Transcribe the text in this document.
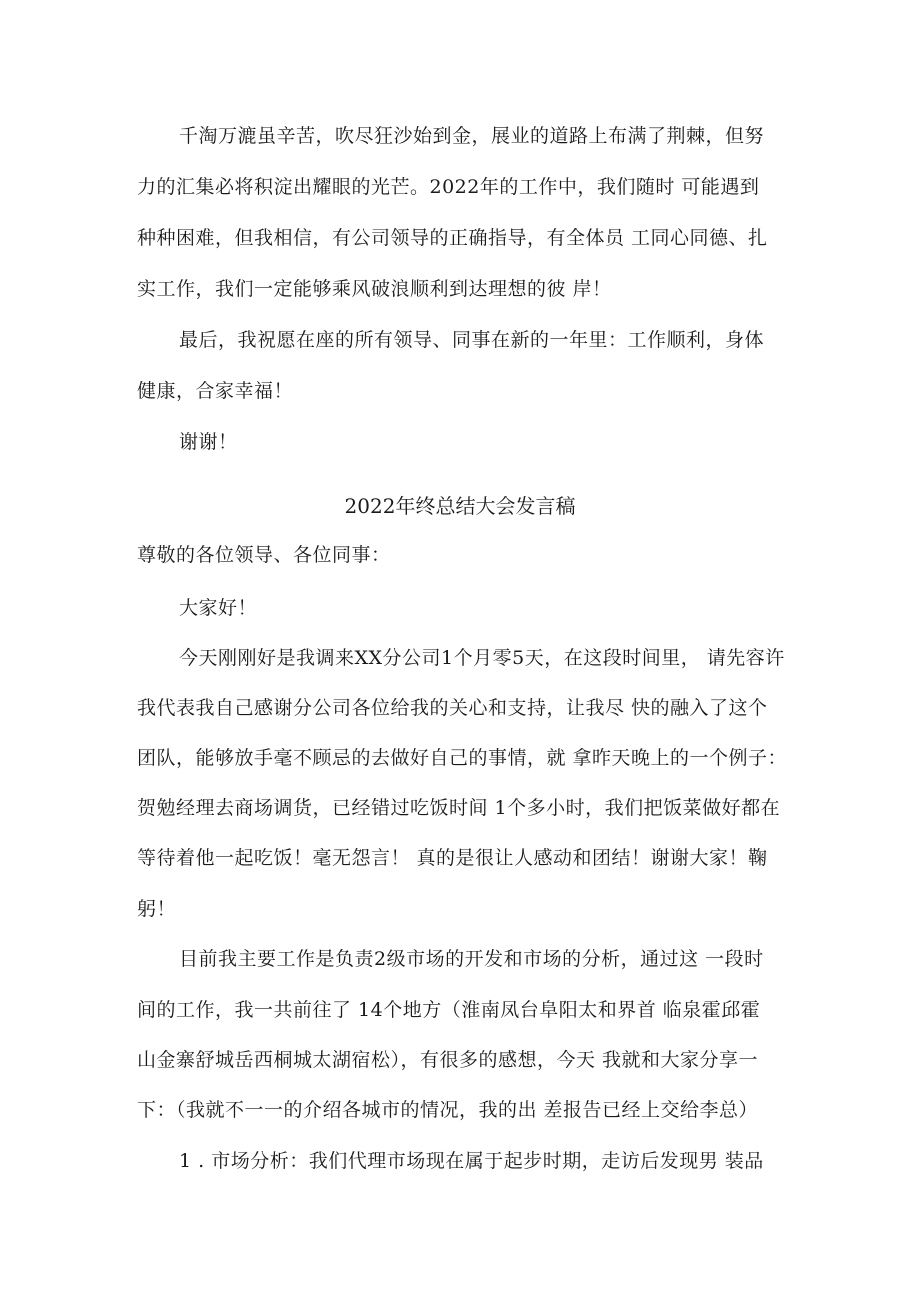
千淘万漉虽辛苦，吹尽狂沙始到金，展业的道路上布满了荆棘，但努
力的汇集必将积淀出耀眼的光芒。2022年的工作中，我们随时 可能遇到
种种困难，但我相信，有公司领导的正确指导，有全体员 工同心同德、扎
实工作，我们一定能够乘风破浪顺利到达理想的彼 岸！
最后，我祝愿在座的所有领导、同事在新的一年里：工作顺利，身体
健康，合家幸福！
谢谢！
2022年终总结大会发言稿
尊敬的各位领导、各位同事：
大家好！
今天刚刚好是我调来XX分公司1个月零5天，在这段时间里， 请先容许
我代表我自己感谢分公司各位给我的关心和支持，让我尽 快的融入了这个
团队，能够放手毫不顾忌的去做好自己的事情，就 拿昨天晚上的一个例子：
贺勉经理去商场调货，已经错过吃饭时间 1个多小时，我们把饭菜做好都在
等待着他一起吃饭！毫无怨言！ 真的是很让人感动和团结！谢谢大家！鞠
躬！
目前我主要工作是负责2级市场的开发和市场的分析，通过这 一段时
间的工作，我一共前往了 14个地方（淮南凤台阜阳太和界首 临泉霍邱霍
山金寨舒城岳西桐城太湖宿松），有很多的感想，今天 我就和大家分享一
下：（我就不一一的介绍各城市的情况，我的出 差报告已经上交给李总）
1 . 市场分析：我们代理市场现在属于起步时期，走访后发现男 装品
